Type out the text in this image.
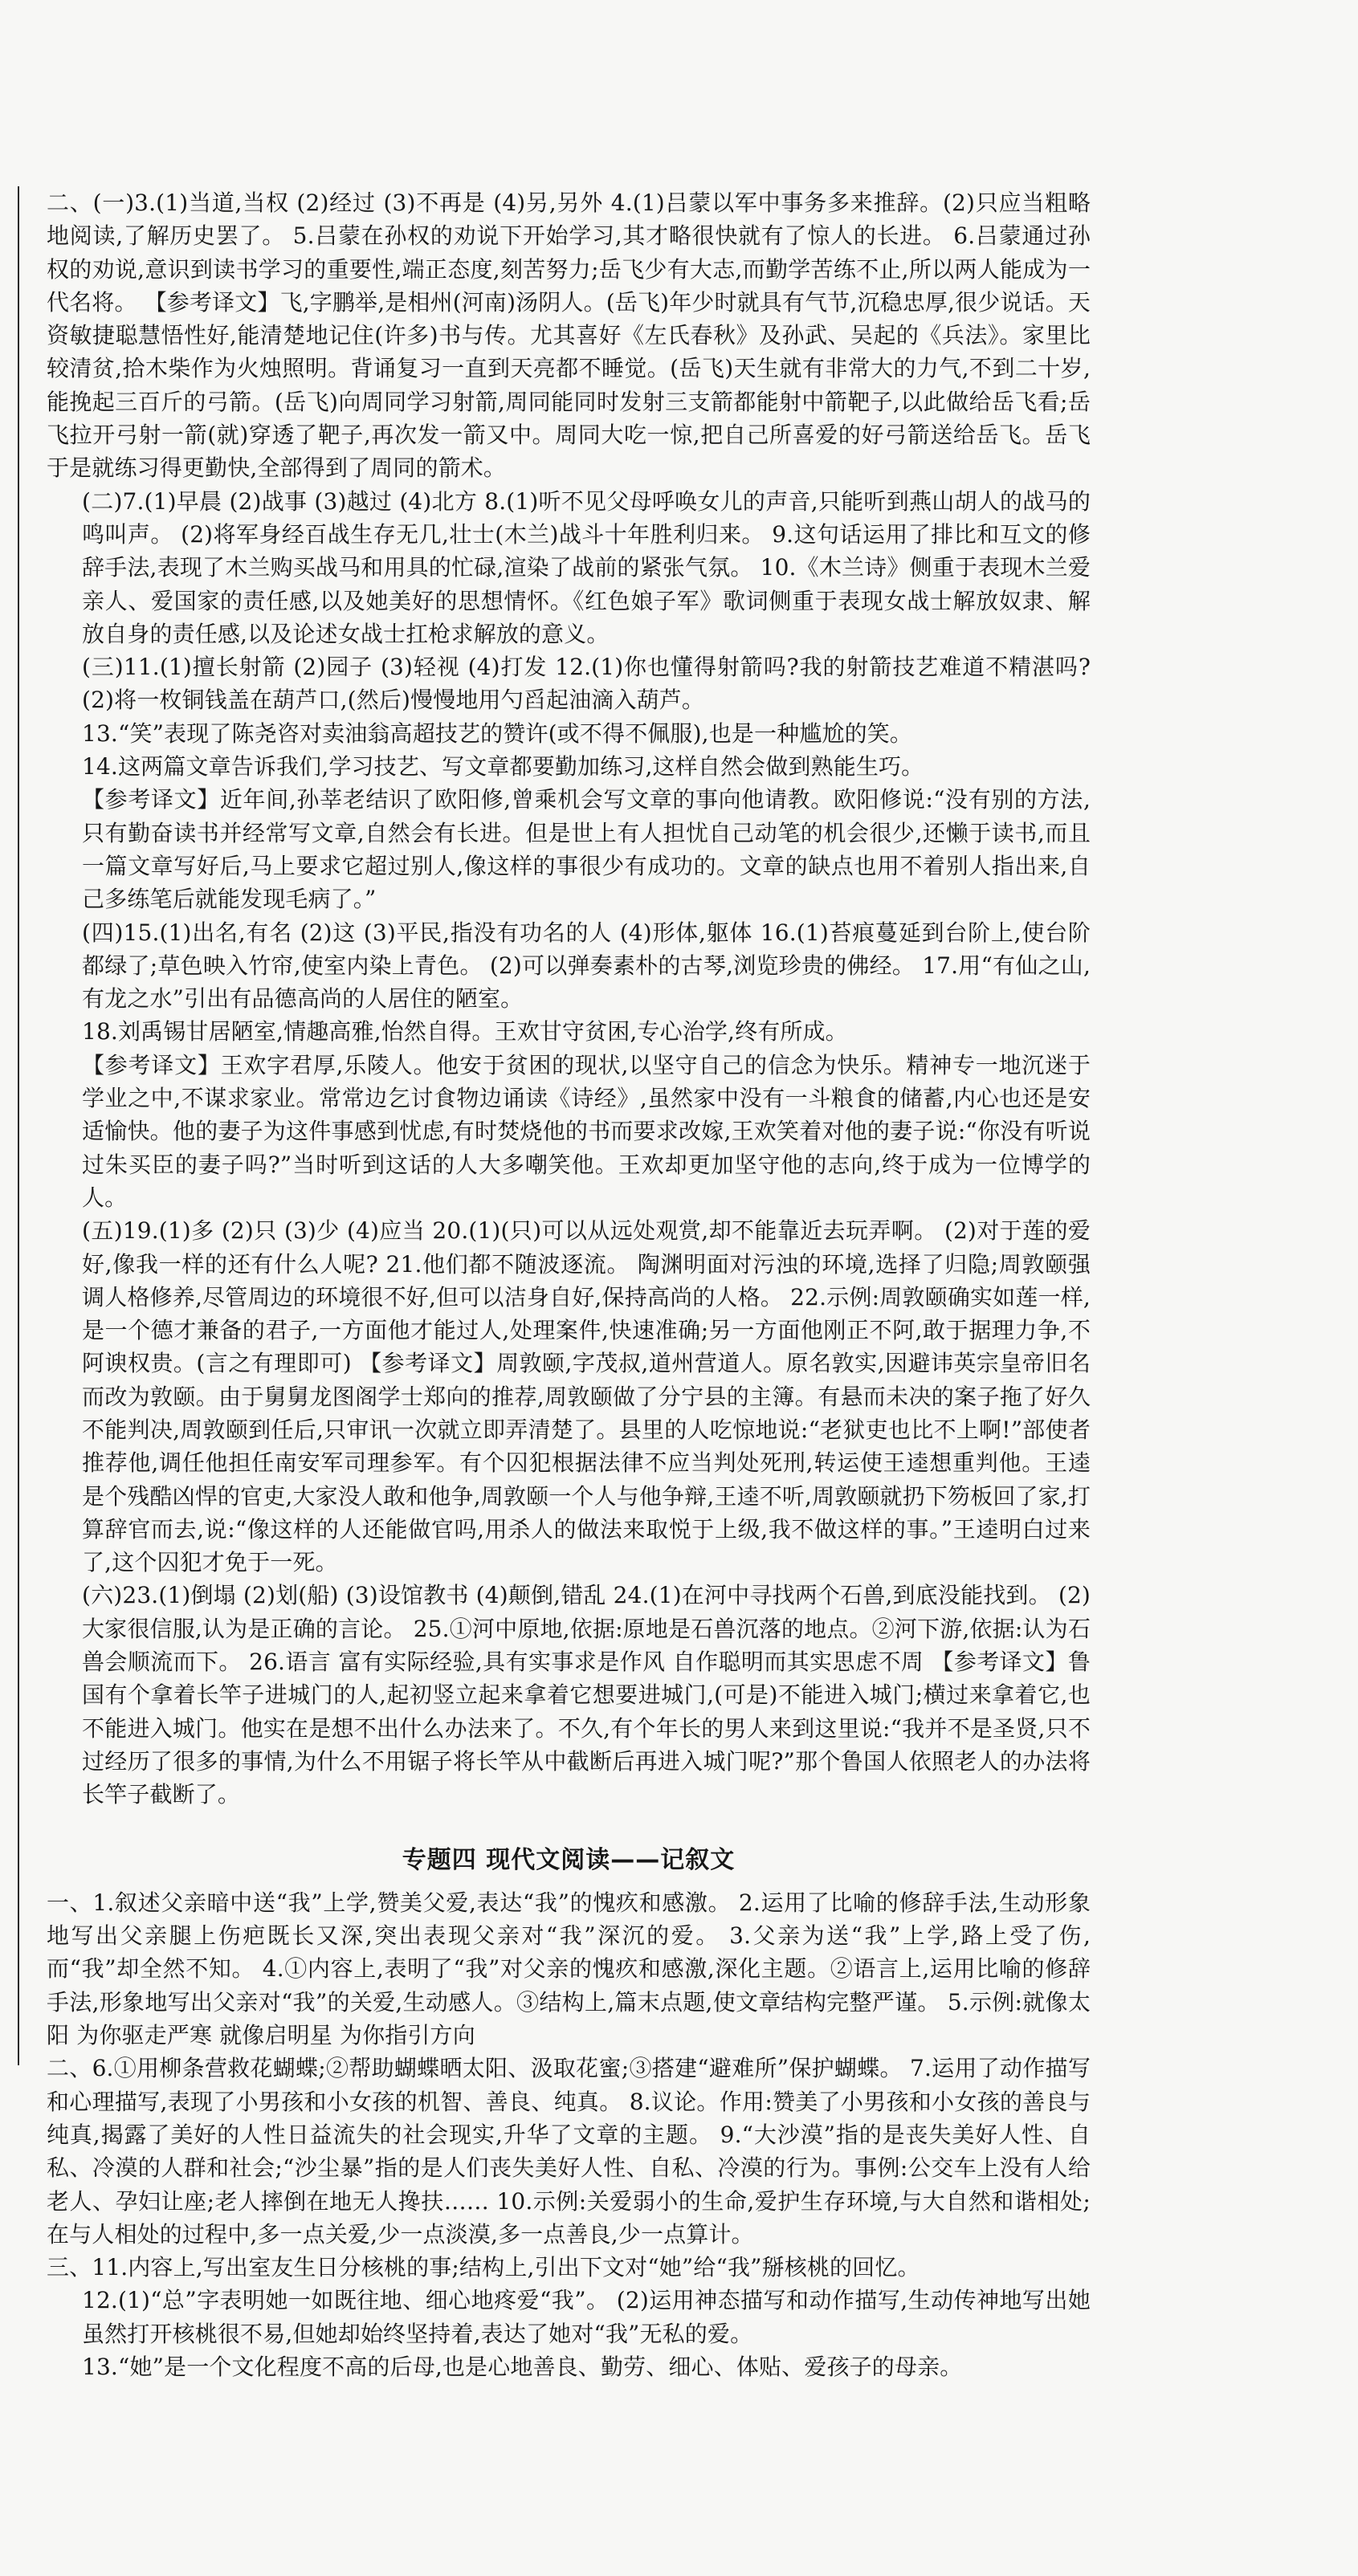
二、(一)3.(1)当道,当权 (2)经过 (3)不再是 (4)另,另外 4.(1)吕蒙以军中事务多来推辞。(2)只应当粗略地阅读,了解历史罢了。 5.吕蒙在孙权的劝说下开始学习,其才略很快就有了惊人的长进。 6.吕蒙通过孙权的劝说,意识到读书学习的重要性,端正态度,刻苦努力;岳飞少有大志,而勤学苦练不止,所以两人能成为一代名将。 【参考译文】飞,字鹏举,是相州(河南)汤阴人。(岳飞)年少时就具有气节,沉稳忠厚,很少说话。天资敏捷聪慧悟性好,能清楚地记住(许多)书与传。尤其喜好《左氏春秋》及孙武、吴起的《兵法》。家里比较清贫,拾木柴作为火烛照明。背诵复习一直到天亮都不睡觉。(岳飞)天生就有非常大的力气,不到二十岁,能挽起三百斤的弓箭。(岳飞)向周同学习射箭,周同能同时发射三支箭都能射中箭靶子,以此做给岳飞看;岳飞拉开弓射一箭(就)穿透了靶子,再次发一箭又中。周同大吃一惊,把自己所喜爱的好弓箭送给岳飞。岳飞于是就练习得更勤快,全部得到了周同的箭术。

(二)7.(1)早晨 (2)战事 (3)越过 (4)北方 8.(1)听不见父母呼唤女儿的声音,只能听到燕山胡人的战马的鸣叫声。 (2)将军身经百战生存无几,壮士(木兰)战斗十年胜利归来。 9.这句话运用了排比和互文的修辞手法,表现了木兰购买战马和用具的忙碌,渲染了战前的紧张气氛。 10.《木兰诗》侧重于表现木兰爱亲人、爱国家的责任感,以及她美好的思想情怀。《红色娘子军》歌词侧重于表现女战士解放奴隶、解放自身的责任感,以及论述女战士扛枪求解放的意义。

(三)11.(1)擅长射箭 (2)园子 (3)轻视 (4)打发 12.(1)你也懂得射箭吗?我的射箭技艺难道不精湛吗? (2)将一枚铜钱盖在葫芦口,(然后)慢慢地用勺舀起油滴入葫芦。

13.“笑”表现了陈尧咨对卖油翁高超技艺的赞许(或不得不佩服),也是一种尴尬的笑。

14.这两篇文章告诉我们,学习技艺、写文章都要勤加练习,这样自然会做到熟能生巧。

【参考译文】近年间,孙莘老结识了欧阳修,曾乘机会写文章的事向他请教。欧阳修说:“没有别的方法,只有勤奋读书并经常写文章,自然会有长进。但是世上有人担忧自己动笔的机会很少,还懒于读书,而且一篇文章写好后,马上要求它超过别人,像这样的事很少有成功的。文章的缺点也用不着别人指出来,自己多练笔后就能发现毛病了。”

(四)15.(1)出名,有名 (2)这 (3)平民,指没有功名的人 (4)形体,躯体 16.(1)苔痕蔓延到台阶上,使台阶都绿了;草色映入竹帘,使室内染上青色。 (2)可以弹奏素朴的古琴,浏览珍贵的佛经。 17.用“有仙之山,有龙之水”引出有品德高尚的人居住的陋室。

18.刘禹锡甘居陋室,情趣高雅,怡然自得。王欢甘守贫困,专心治学,终有所成。

【参考译文】王欢字君厚,乐陵人。他安于贫困的现状,以坚守自己的信念为快乐。精神专一地沉迷于学业之中,不谋求家业。常常边乞讨食物边诵读《诗经》,虽然家中没有一斗粮食的储蓄,内心也还是安适愉快。他的妻子为这件事感到忧虑,有时焚烧他的书而要求改嫁,王欢笑着对他的妻子说:“你没有听说过朱买臣的妻子吗?”当时听到这话的人大多嘲笑他。王欢却更加坚守他的志向,终于成为一位博学的人。

(五)19.(1)多 (2)只 (3)少 (4)应当 20.(1)(只)可以从远处观赏,却不能靠近去玩弄啊。 (2)对于莲的爱好,像我一样的还有什么人呢? 21.他们都不随波逐流。 陶渊明面对污浊的环境,选择了归隐;周敦颐强调人格修养,尽管周边的环境很不好,但可以洁身自好,保持高尚的人格。 22.示例:周敦颐确实如莲一样,是一个德才兼备的君子,一方面他才能过人,处理案件,快速准确;另一方面他刚正不阿,敢于据理力争,不阿谀权贵。(言之有理即可) 【参考译文】周敦颐,字茂叔,道州营道人。原名敦实,因避讳英宗皇帝旧名而改为敦颐。由于舅舅龙图阁学士郑向的推荐,周敦颐做了分宁县的主簿。有悬而未决的案子拖了好久不能判决,周敦颐到任后,只审讯一次就立即弄清楚了。县里的人吃惊地说:“老狱吏也比不上啊!”部使者推荐他,调任他担任南安军司理参军。有个囚犯根据法律不应当判处死刑,转运使王逵想重判他。王逵是个残酷凶悍的官吏,大家没人敢和他争,周敦颐一个人与他争辩,王逵不听,周敦颐就扔下笏板回了家,打算辞官而去,说:“像这样的人还能做官吗,用杀人的做法来取悦于上级,我不做这样的事。”王逵明白过来了,这个囚犯才免于一死。

(六)23.(1)倒塌 (2)划(船) (3)设馆教书 (4)颠倒,错乱 24.(1)在河中寻找两个石兽,到底没能找到。 (2)大家很信服,认为是正确的言论。 25.①河中原地,依据:原地是石兽沉落的地点。②河下游,依据:认为石兽会顺流而下。 26.语言 富有实际经验,具有实事求是作风 自作聪明而其实思虑不周 【参考译文】鲁国有个拿着长竿子进城门的人,起初竖立起来拿着它想要进城门,(可是)不能进入城门;横过来拿着它,也不能进入城门。他实在是想不出什么办法来了。不久,有个年长的男人来到这里说:“我并不是圣贤,只不过经历了很多的事情,为什么不用锯子将长竿从中截断后再进入城门呢?”那个鲁国人依照老人的办法将长竿子截断了。

专题四 现代文阅读——记叙文

一、1.叙述父亲暗中送“我”上学,赞美父爱,表达“我”的愧疚和感激。 2.运用了比喻的修辞手法,生动形象地写出父亲腿上伤疤既长又深,突出表现父亲对“我”深沉的爱。 3.父亲为送“我”上学,路上受了伤,而“我”却全然不知。 4.①内容上,表明了“我”对父亲的愧疚和感激,深化主题。②语言上,运用比喻的修辞手法,形象地写出父亲对“我”的关爱,生动感人。③结构上,篇末点题,使文章结构完整严谨。 5.示例:就像太阳 为你驱走严寒 就像启明星 为你指引方向

二、6.①用柳条营救花蝴蝶;②帮助蝴蝶晒太阳、汲取花蜜;③搭建“避难所”保护蝴蝶。 7.运用了动作描写和心理描写,表现了小男孩和小女孩的机智、善良、纯真。 8.议论。作用:赞美了小男孩和小女孩的善良与纯真,揭露了美好的人性日益流失的社会现实,升华了文章的主题。 9.“大沙漠”指的是丧失美好人性、自私、冷漠的人群和社会;“沙尘暴”指的是人们丧失美好人性、自私、冷漠的行为。事例:公交车上没有人给老人、孕妇让座;老人摔倒在地无人搀扶…… 10.示例:关爱弱小的生命,爱护生存环境,与大自然和谐相处;在与人相处的过程中,多一点关爱,少一点淡漠,多一点善良,少一点算计。

三、11.内容上,写出室友生日分核桃的事;结构上,引出下文对“她”给“我”掰核桃的回忆。

12.(1)“总”字表明她一如既往地、细心地疼爱“我”。 (2)运用神态描写和动作描写,生动传神地写出她虽然打开核桃很不易,但她却始终坚持着,表达了她对“我”无私的爱。

13.“她”是一个文化程度不高的后母,也是心地善良、勤劳、细心、体贴、爱孩子的母亲。
